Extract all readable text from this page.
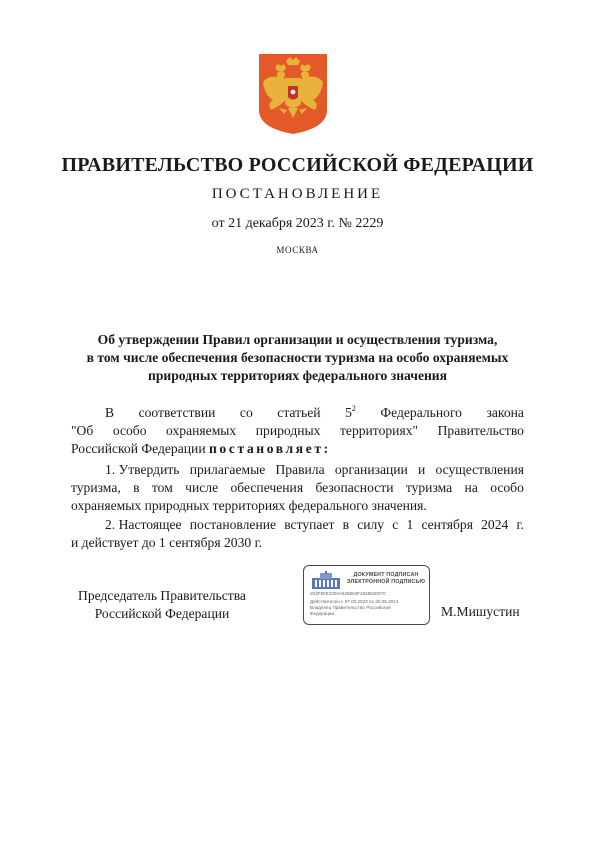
ПРАВИТЕЛЬСТВО РОССИЙСКОЙ ФЕДЕРАЦИИ
ПОСТАНОВЛЕНИЕ
от 21 декабря 2023 г. № 2229
МОСКВА
Об утверждении Правил организации и осуществления туризма,
в том числе обеспечения безопасности туризма на особо охраняемых
природных территориях федерального значения
В соответствии со статьей $5^2$ Федерального закона
"Об особо охраняемых природных территориях" Правительство
Российской Федерации постановляет:
1. Утвердить прилагаемые Правила организации и осуществления
туризма, в том числе обеспечения безопасности туризма на особо
охраняемых природных территориях федерального значения.
2. Настоящее постановление вступает в силу с 1 сентября 2024 г.
и действует до 1 сентября 2030 г.
Председатель Правительства
Российской Федерации
ДОКУМЕНТ ПОДПИСАН
ЭЛЕКТРОННОЙ ПОДПИСЬЮ
203F90E3320A628663F284883067C
Действителен с 07.03.2023 по 30.05.2024
Владелец Правительство Российской
Федерации	М.Мишустин
